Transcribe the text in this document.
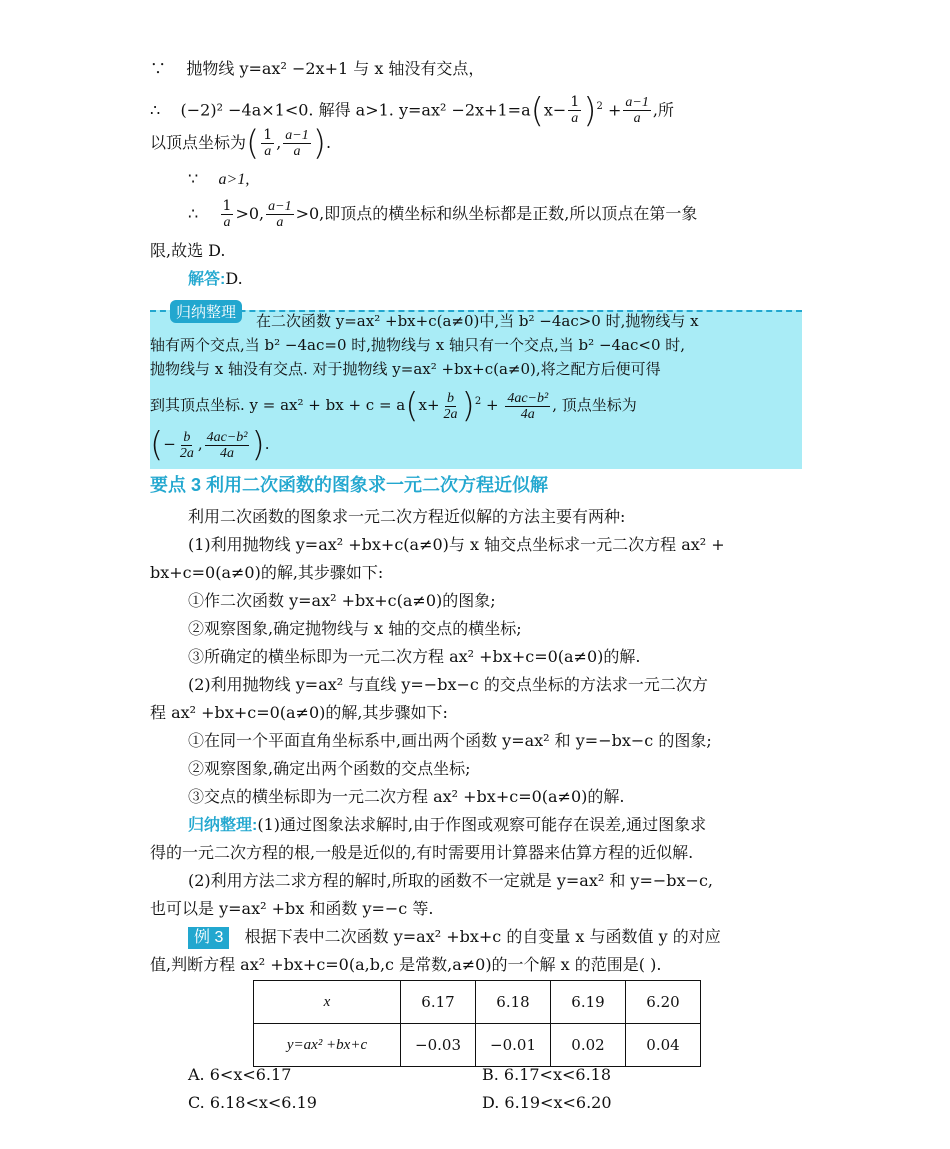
∵ 抛物线 y=ax² −2x+1 与 x 轴没有交点，
∴ (−2)² −4a×1<0. 解得 a>1. $y=ax^2 -2x+1=a(x- \frac{1}{a} )^2 + \frac{a-1}{a}$ ,所
以顶点坐标为( $\frac{1}{a}$ , $\frac{a-1}{a}$ ).
∵ a>1,
∴ $\frac{1}{a} >0$, $\frac{a-1}{a} >0$,即顶点的横坐标和纵坐标都是正数,所以顶点在第一象
限,故选 D.
解答:D.
归纳整理	在二次函数 y=ax² +bx+c(a≠0)中,当 b² −4ac>0 时,抛物线与 x
轴有两个交点,当 b² −4ac=0 时,抛物线与 x 轴只有一个交点,当 b² −4ac<0 时,
抛物线与 x 轴没有交点. 对于抛物线 y=ax² +bx+c(a≠0),将之配方后便可得
到其顶点坐标. y = ax² + bx + $c = a(x+ \frac{b}{2a} )^2 + \frac{\text{4ac−b²}}{4a}$ , 顶点坐标为
(− $\frac{b}{2a}$ , $\frac{\text{4ac−b²}}{4a}$ ).
要点 3 利用二次函数的图象求一元二次方程近似解
利用二次函数的图象求一元二次方程近似解的方法主要有两种:
(1)利用抛物线 y=ax² +bx+c(a≠0)与 x 轴交点坐标求一元二次方程 ax² +
bx+c=0(a≠0)的解,其步骤如下:
①作二次函数 y=ax² +bx+c(a≠0)的图象;
②观察图象,确定抛物线与 x 轴的交点的横坐标;
③所确定的横坐标即为一元二次方程 ax² +bx+c=0(a≠0)的解.
(2)利用抛物线 y=ax² 与直线 y=−bx−c 的交点坐标的方法求一元二次方
程 ax² +bx+c=0(a≠0)的解,其步骤如下:
①在同一个平面直角坐标系中,画出两个函数 y=ax² 和 y=−bx−c 的图象;
②观察图象,确定出两个函数的交点坐标;
③交点的横坐标即为一元二次方程 ax² +bx+c=0(a≠0)的解.
归纳整理:(1)通过图象法求解时,由于作图或观察可能存在误差,通过图象求
得的一元二次方程的根,一般是近似的,有时需要用计算器来估算方程的近似解.
(2)利用方法二求方程的解时,所取的函数不一定就是 y=ax² 和 y=−bx−c,
也可以是 y=ax² +bx 和函数 y=−c 等.
例 3 根据下表中二次函数 y=ax² +bx+c 的自变量 x 与函数值 y 的对应
值,判断方程 ax² +bx+c=0(a,b,c 是常数,a≠0)的一个解 x 的范围是( ).
x	6.17	6.18	6.19	6.20
y=ax² +bx+c	−0.03	−0.01	0.02	0.04
A. 6<x<6.17	B. 6.17<x<6.18
C. 6.18<x<6.19	D. 6.19<x<6.20
